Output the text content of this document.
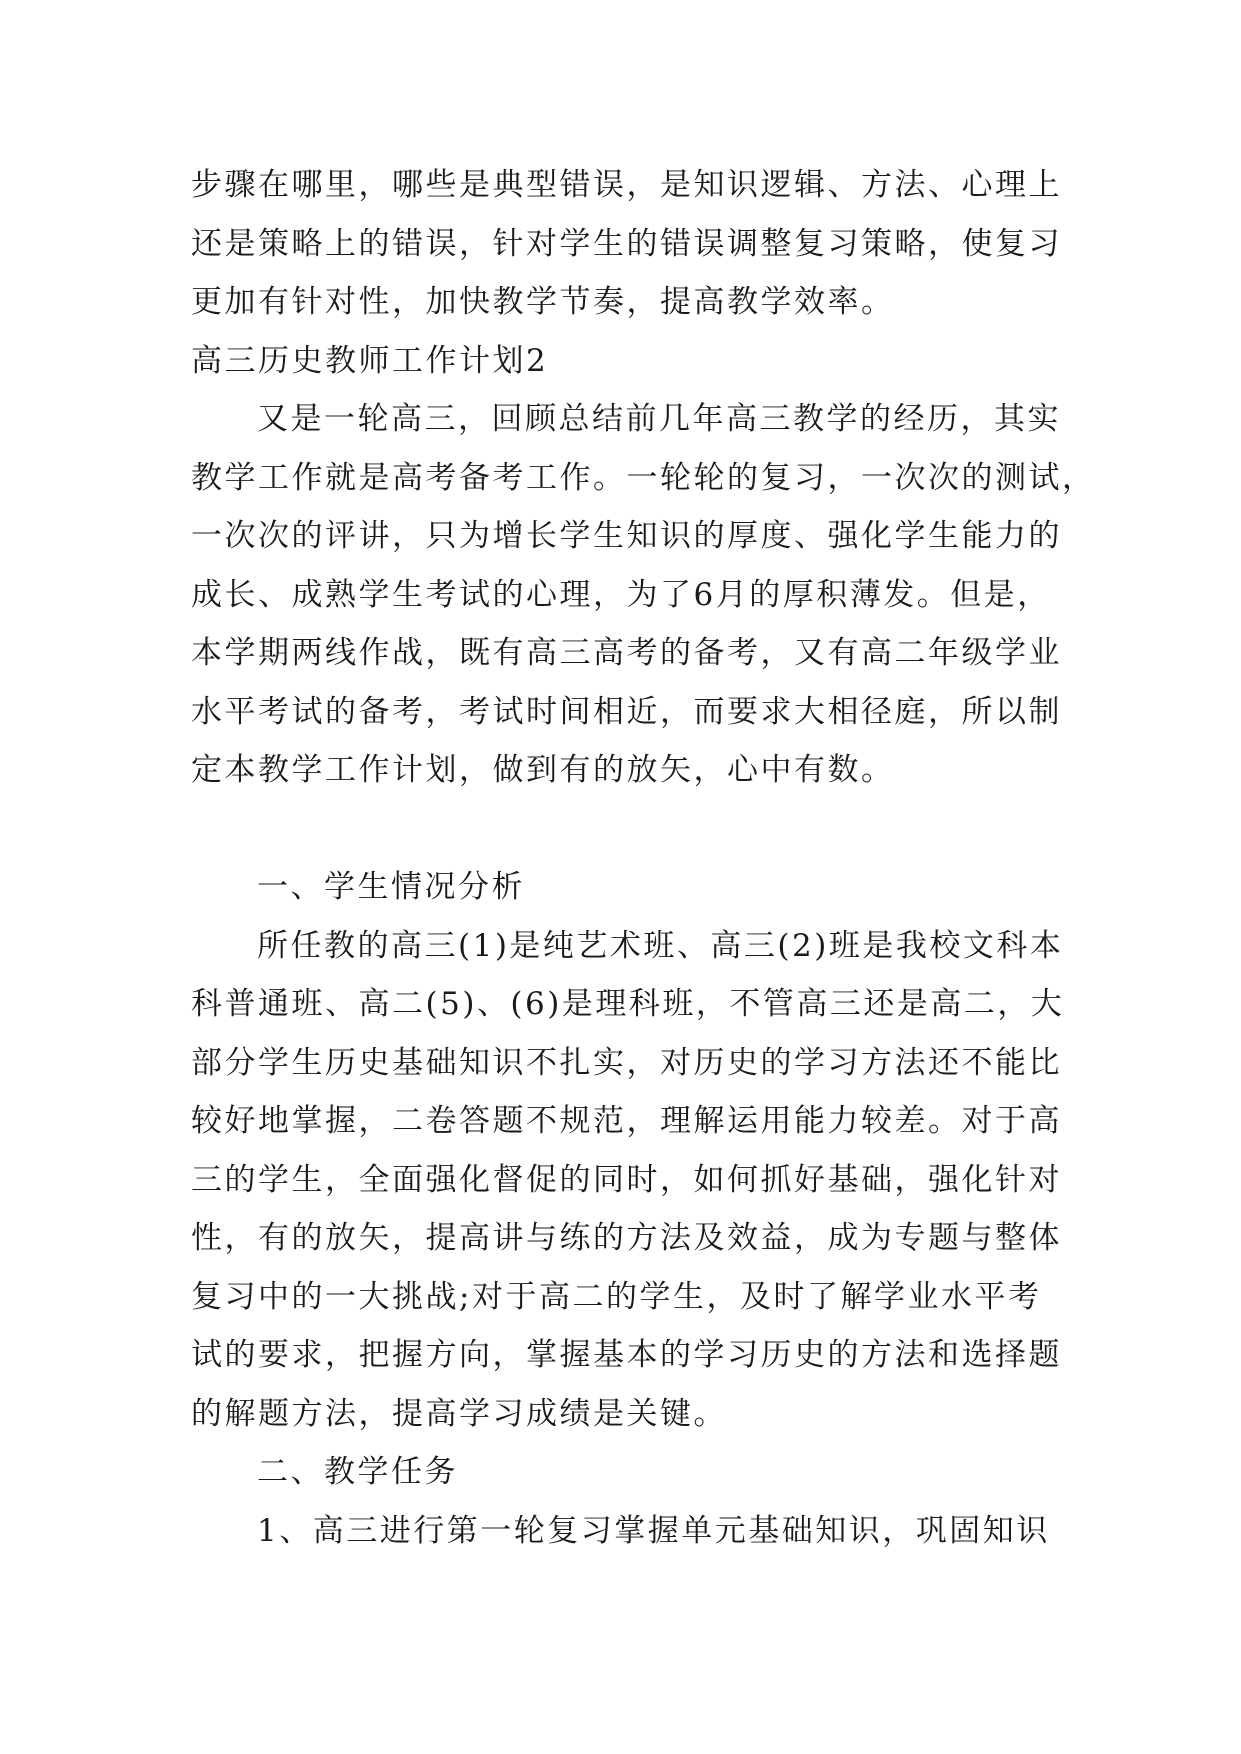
步骤在哪里，哪些是典型错误，是知识逻辑、方法、心理上
还是策略上的错误，针对学生的错误调整复习策略，使复习
更加有针对性，加快教学节奏，提高教学效率。
高三历史教师工作计划2
又是一轮高三，回顾总结前几年高三教学的经历，其实
教学工作就是高考备考工作。一轮轮的复习，一次次的测试，
一次次的评讲，只为增长学生知识的厚度、强化学生能力的
成长、成熟学生考试的心理，为了6月的厚积薄发。但是，
本学期两线作战，既有高三高考的备考，又有高二年级学业
水平考试的备考，考试时间相近，而要求大相径庭，所以制
定本教学工作计划，做到有的放矢，心中有数。
一、学生情况分析
所任教的高三(1)是纯艺术班、高三(2)班是我校文科本
科普通班、高二(5)、(6)是理科班，不管高三还是高二，大
部分学生历史基础知识不扎实，对历史的学习方法还不能比
较好地掌握，二卷答题不规范，理解运用能力较差。对于高
三的学生，全面强化督促的同时，如何抓好基础，强化针对
性，有的放矢，提高讲与练的方法及效益，成为专题与整体
复习中的一大挑战;对于高二的学生，及时了解学业水平考
试的要求，把握方向，掌握基本的学习历史的方法和选择题
的解题方法，提高学习成绩是关键。
二、教学任务
1、高三进行第一轮复习掌握单元基础知识，巩固知识
